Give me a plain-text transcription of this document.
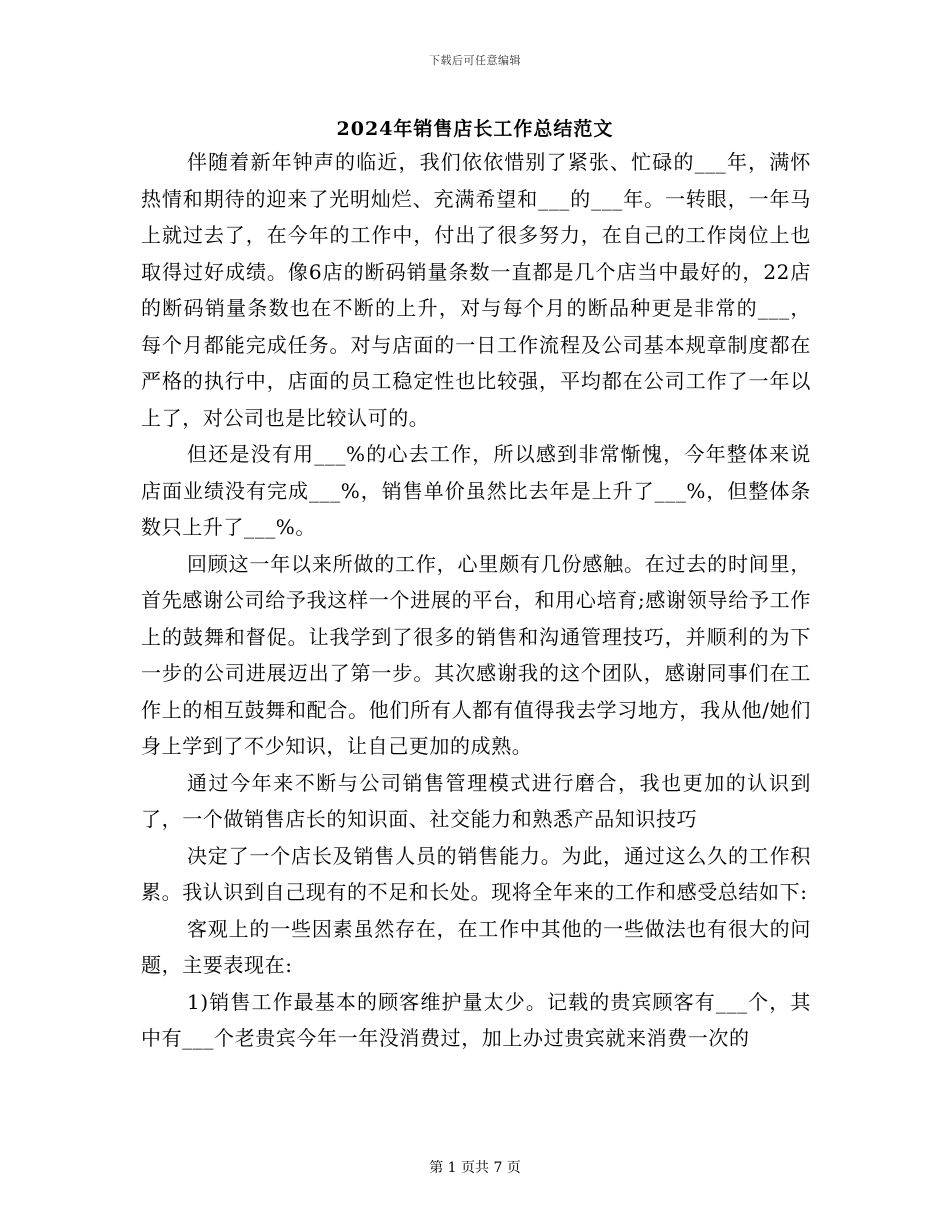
下载后可任意编辑
2024年销售店长工作总结范文

伴随着新年钟声的临近，我们依依惜别了紧张、忙碌的___年，满怀热情和期待的迎来了光明灿烂、充满希望和___的___年。一转眼，一年马上就过去了，在今年的工作中，付出了很多努力，在自己的工作岗位上也取得过好成绩。像6店的断码销量条数一直都是几个店当中最好的，22店的断码销量条数也在不断的上升，对与每个月的断品种更是非常的___，每个月都能完成任务。对与店面的一日工作流程及公司基本规章制度都在严格的执行中，店面的员工稳定性也比较强，平均都在公司工作了一年以上了，对公司也是比较认可的。

但还是没有用___%的心去工作，所以感到非常惭愧，今年整体来说店面业绩没有完成___%，销售单价虽然比去年是上升了___%，但整体条数只上升了___%。

回顾这一年以来所做的工作，心里颇有几份感触。在过去的时间里，首先感谢公司给予我这样一个进展的平台，和用心培育;感谢领导给予工作上的鼓舞和督促。让我学到了很多的销售和沟通管理技巧，并顺利的为下一步的公司进展迈出了第一步。其次感谢我的这个团队，感谢同事们在工作上的相互鼓舞和配合。他们所有人都有值得我去学习地方，我从他/她们身上学到了不少知识，让自己更加的成熟。

通过今年来不断与公司销售管理模式进行磨合，我也更加的认识到了，一个做销售店长的知识面、社交能力和熟悉产品知识技巧

决定了一个店长及销售人员的销售能力。为此，通过这么久的工作积累。我认识到自己现有的不足和长处。现将全年来的工作和感受总结如下:

客观上的一些因素虽然存在，在工作中其他的一些做法也有很大的问题，主要表现在:

1)销售工作最基本的顾客维护量太少。记载的贵宾顾客有___个，其中有___个老贵宾今年一年没消费过，加上办过贵宾就来消费一次的

第 1 页共 7 页
